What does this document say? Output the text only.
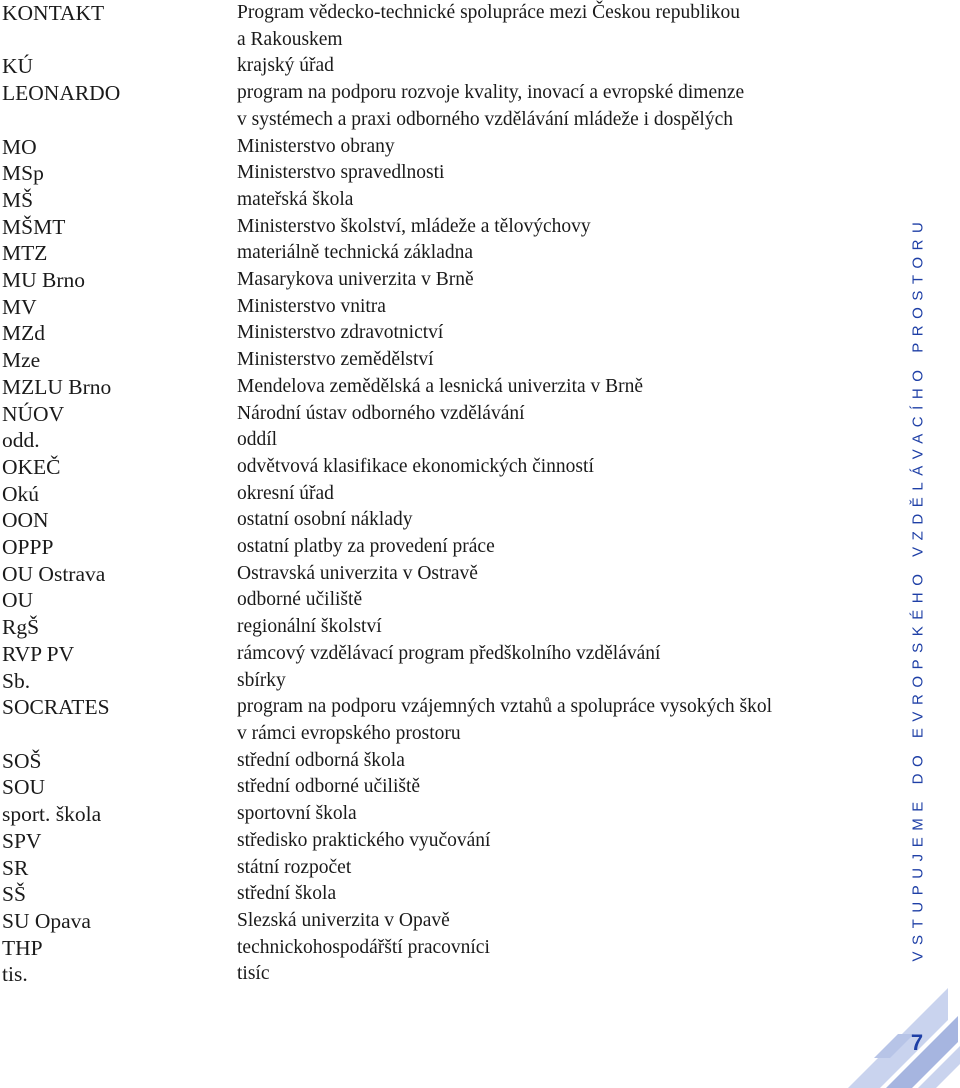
KONTAKT	Program vědecko-technické spolupráce mezi Českou republikou
a Rakouskem
KÚ	krajský úřad
LEONARDO	program na podporu rozvoje kvality, inovací a evropské dimenze
v systémech a praxi odborného vzdělávání mládeže i dospělých
MO	Ministerstvo obrany
MSp	Ministerstvo spravedlnosti
MŠ	mateřská škola
MŠMT	Ministerstvo školství, mládeže a tělovýchovy
MTZ	materiálně technická základna
MU Brno	Masarykova univerzita v Brně
MV	Ministerstvo vnitra
MZd	Ministerstvo zdravotnictví
Mze	Ministerstvo zemědělství
MZLU Brno	Mendelova zemědělská a lesnická univerzita v Brně
NÚOV	Národní ústav odborného vzdělávání
odd.	oddíl
OKEČ	odvětvová klasifikace ekonomických činností
Okú	okresní úřad
OON	ostatní osobní náklady
OPPP	ostatní platby za provedení práce
OU Ostrava	Ostravská univerzita v Ostravě
OU	odborné učiliště
RgŠ	regionální školství
RVP PV	rámcový vzdělávací program předškolního vzdělávání
Sb.	sbírky
SOCRATES	program na podporu vzájemných vztahů a spolupráce vysokých škol
v rámci evropského prostoru
SOŠ	střední odborná škola
SOU	střední odborné učiliště
sport. škola	sportovní škola
SPV	středisko praktického vyučování
SR	státní rozpočet
SŠ	střední škola
SU Opava	Slezská univerzita v Opavě
THP	technickohospodářští pracovníci
tis.	tisíc
VSTUPUJEME DO EVROPSKÉHO VZDĚLÁVACÍHO PROSTORU
7
